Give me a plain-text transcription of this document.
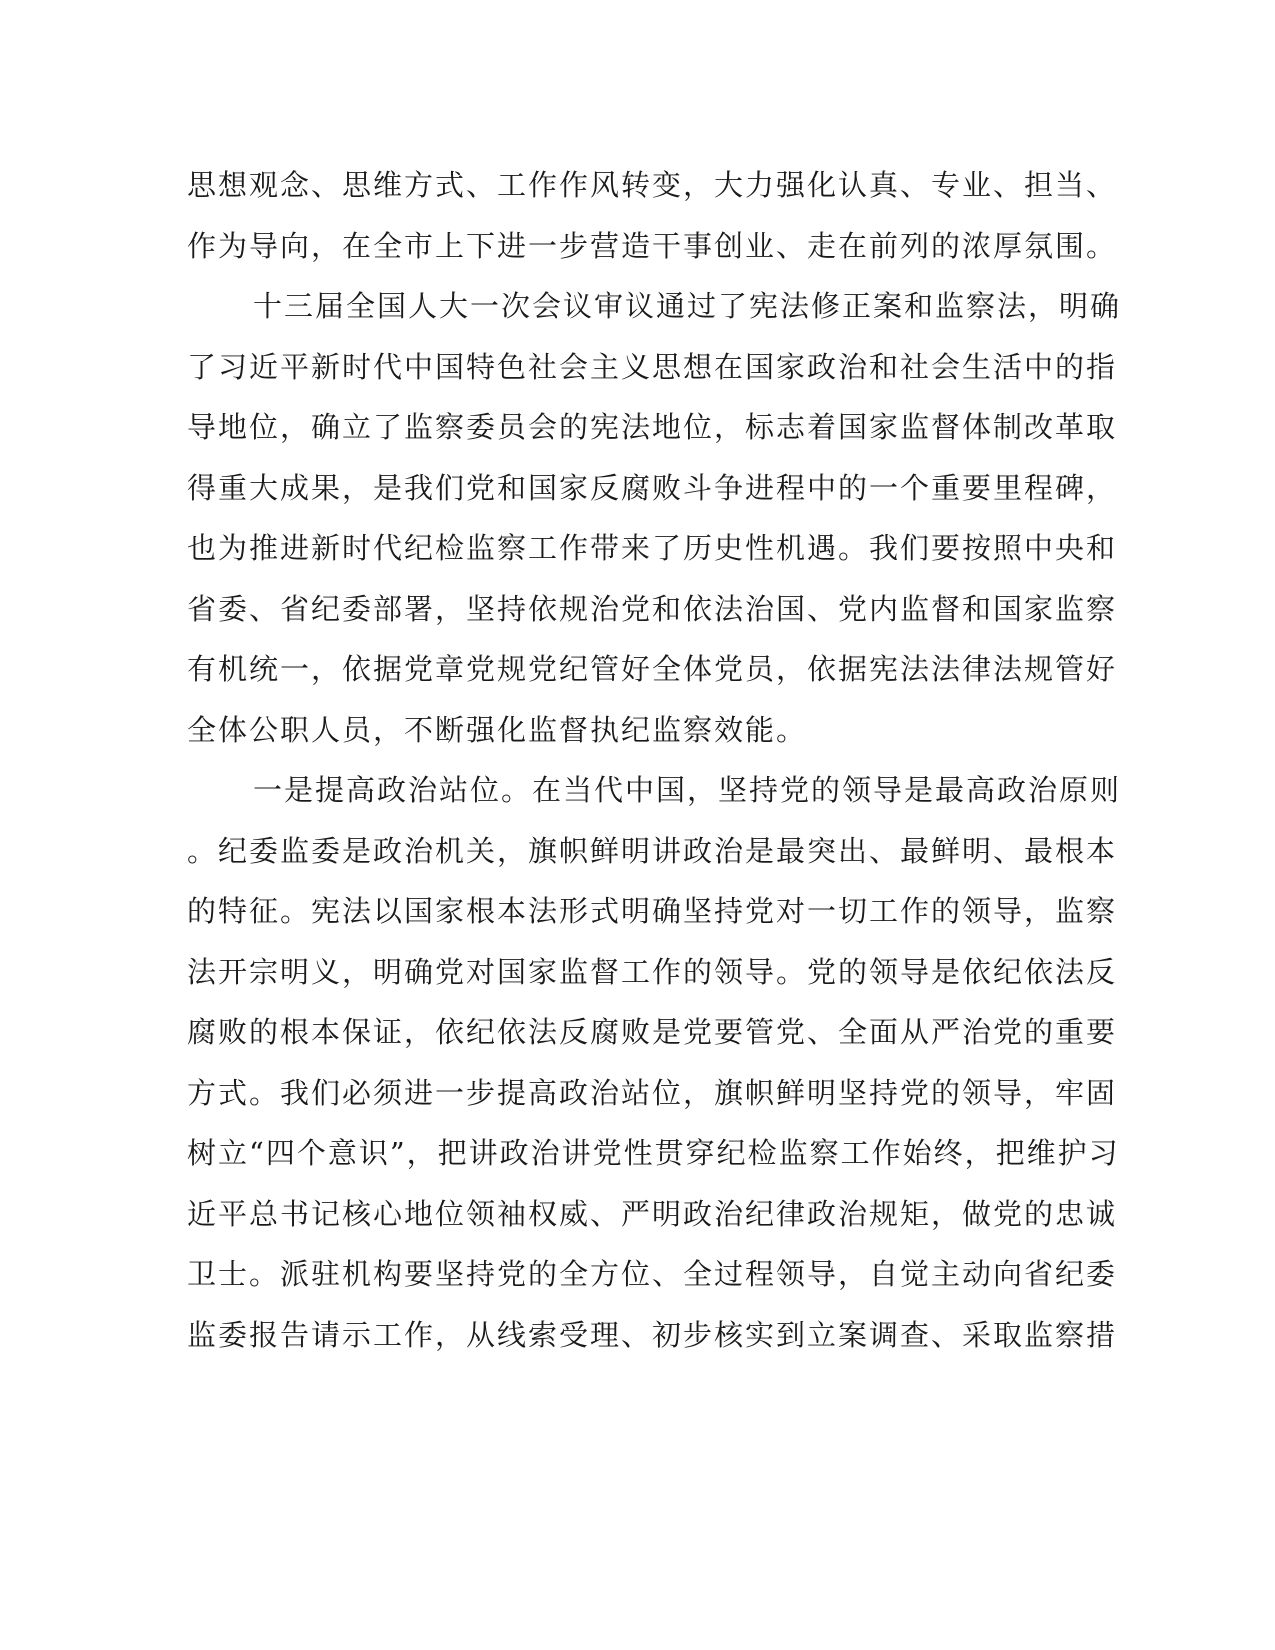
思想观念、思维方式、工作作风转变，大力强化认真、专业、担当、
作为导向，在全市上下进一步营造干事创业、走在前列的浓厚氛围。
十三届全国人大一次会议审议通过了宪法修正案和监察法，明确
了习近平新时代中国特色社会主义思想在国家政治和社会生活中的指
导地位，确立了监察委员会的宪法地位，标志着国家监督体制改革取
得重大成果，是我们党和国家反腐败斗争进程中的一个重要里程碑，
也为推进新时代纪检监察工作带来了历史性机遇。我们要按照中央和
省委、省纪委部署，坚持依规治党和依法治国、党内监督和国家监察
有机统一，依据党章党规党纪管好全体党员，依据宪法法律法规管好
全体公职人员，不断强化监督执纪监察效能。
一是提高政治站位。在当代中国，坚持党的领导是最高政治原则
。纪委监委是政治机关，旗帜鲜明讲政治是最突出、最鲜明、最根本
的特征。宪法以国家根本法形式明确坚持党对一切工作的领导，监察
法开宗明义，明确党对国家监督工作的领导。党的领导是依纪依法反
腐败的根本保证，依纪依法反腐败是党要管党、全面从严治党的重要
方式。我们必须进一步提高政治站位，旗帜鲜明坚持党的领导，牢固
树立“四个意识”，把讲政治讲党性贯穿纪检监察工作始终，把维护习
近平总书记核心地位领袖权威、严明政治纪律政治规矩，做党的忠诚
卫士。派驻机构要坚持党的全方位、全过程领导，自觉主动向省纪委
监委报告请示工作，从线索受理、初步核实到立案调查、采取监察措
